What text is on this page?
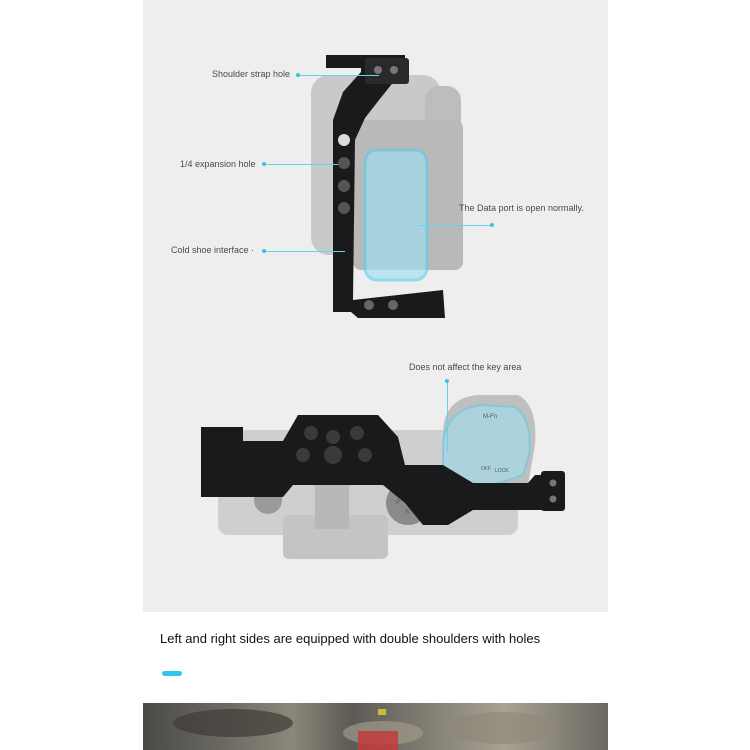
Shoulder strap hole
1/4 expansion hole
Cold shoe interface ·
The Data port is open normally.
M-Fn
OFF LOCK
P
S
Does not affect the key area
Left and right sides are equipped with double shoulders with holes
